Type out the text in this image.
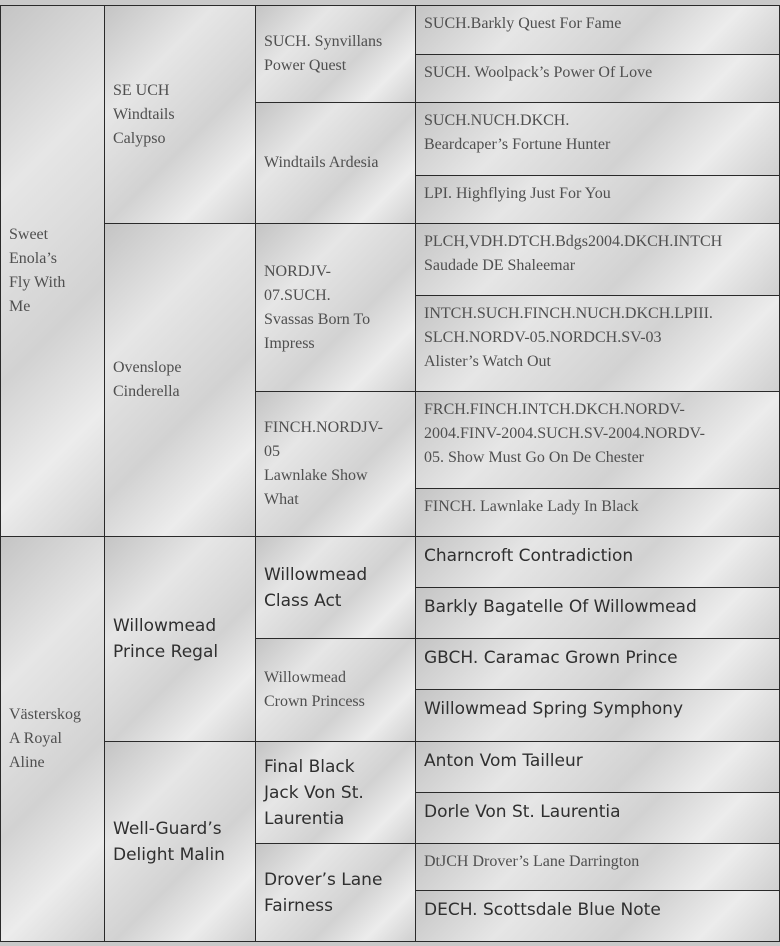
Sweet
Enola’s
Fly With
Me
Västerskog
A Royal
Aline
SE UCH
Windtails
Calypso
Ovenslope
Cinderella
Willowmead
Prince Regal
Well-Guard’s
Delight Malin
SUCH. Synvillans
Power Quest
Windtails Ardesia
NORDJV-
07.SUCH.
Svassas Born To
Impress
FINCH.NORDJV-
05
Lawnlake Show
What
Willowmead
Class Act
Willowmead
Crown Princess
Final Black
Jack Von St.
Laurentia
Drover’s Lane
Fairness
SUCH.Barkly Quest For Fame
SUCH. Woolpack’s Power Of Love
SUCH.NUCH.DKCH.
Beardcaper’s Fortune Hunter
LPI. Highflying Just For You
PLCH,VDH.DTCH.Bdgs2004.DKCH.INTCH
Saudade DE Shaleemar
INTCH.SUCH.FINCH.NUCH.DKCH.LPIII.
SLCH.NORDV-05.NORDCH.SV-03
Alister’s Watch Out
FRCH.FINCH.INTCH.DKCH.NORDV-
2004.FINV-2004.SUCH.SV-2004.NORDV-
05. Show Must Go On De Chester
FINCH. Lawnlake Lady In Black
Charncroft Contradiction
Barkly Bagatelle Of Willowmead
GBCH. Caramac Grown Prince
Willowmead Spring Symphony
Anton Vom Tailleur
Dorle Von St. Laurentia
DtJCH Drover’s Lane Darrington
DECH. Scottsdale Blue Note
